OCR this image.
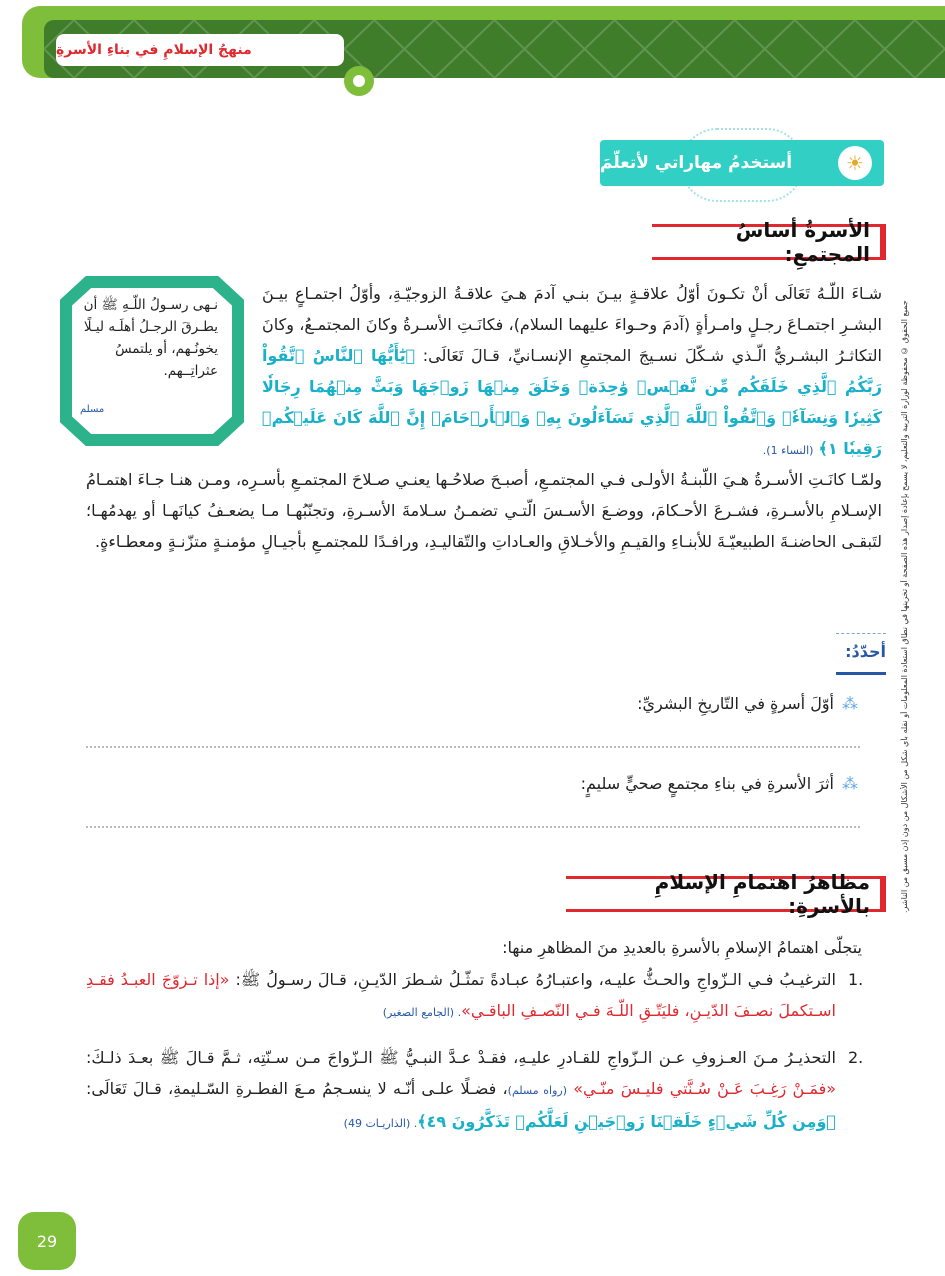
منهجُ الإسلامِ في بناءِ الأسرةِ
أستخدمُ مهاراتي لأتعلّمَ	☀
الأسرةُ أساسُ المجتمعِ:
نـهى رسـولُ اللّـهِ ﷺ أن يطـرقَ الرجـلُ أهلَـه ليـلًا يخونُـهم، أو يلتمسُ عثراتِــهم.
مسلم
شـاءَ اللّـهُ تَعَالَى أنْ تكـونَ أوّلُ علاقـةٍ بيـنَ بنـي آدمَ هـيَ علاقـةُ الزوجيّـةِ، وأوّلُ اجتمـاعٍ بيـنَ البشـرِ اجتمـاعَ رجـلٍ وامـرأةٍ (آدمَ وحـواءَ عليهما السلام)، فكانَـتِ الأسـرةُ وكانَ المجتمـعُ، وكانَ التكاثـرُ البشـريُّ الّـذي شـكّلَ نسـيجَ المجتمعِ الإنسـانيِّ، قـالَ تَعَالَى: ﴿يَٰٓأَيُّهَا ٱلنَّاسُ ٱتَّقُواْ رَبَّكُمُ ٱلَّذِي خَلَقَكُم مِّن نَّفۡسٖ وَٰحِدَةٖ وَخَلَقَ مِنۡهَا زَوۡجَهَا وَبَثَّ مِنۡهُمَا رِجَالٗا كَثِيرٗا وَنِسَآءٗۚ وَٱتَّقُواْ ٱللَّهَ ٱلَّذِي تَسَآءَلُونَ بِهِۦ وَٱلۡأَرۡحَامَۚ إِنَّ ٱللَّهَ كَانَ عَلَيۡكُمۡ رَقِيبٗا ١﴾ (النساء 1).
ولمّـا كانَـتِ الأسـرةُ هـيَ اللّبنـةُ الأولـى فـي المجتمـعِ، أصبـحَ صلاحُـها يعنـي صـلاحَ المجتمـعِ بأسـرِه، ومـن هنـا جـاءَ اهتمـامُ الإسـلامِ بالأسـرةِ، فشـرعَ الأحـكامَ، ووضـعَ الأسـسَ الّتـي تضمـنُ سـلامةَ الأسـرةِ، وتجنّبُهـا مـا يضعـفُ كيانَهـا أو يهدمُهـا؛ لتَبقـى الحاضنـةَ الطبيعيّـةَ للأبنـاءِ والقيـمِ والأخـلاقِ والعـاداتِ والتّقاليـدِ، ورافـدًا للمجتمـعِ بأجيـالٍ مؤمنـةٍ متزّنـةٍ ومعطـاءةٍ.
أحدّدُ:
⁂
أوّلَ أسرةٍ في التّاريخِ البشريِّ:
⁂
أثرَ الأسرةِ في بناءِ مجتمعٍ صحيٍّ سليمٍ:
مظاهرُ اهتمامِ الإسلامِ بالأسرةِ:
يتجلّى اهتمامُ الإسلامِ بالأسرةِ بالعديدِ منَ المظاهرِ منها:
1.
الترغيـبُ فـي الـزّواجِ والحـثُّ عليـه، واعتبـارُهُ عبـادةً تمثّـلُ شـطرَ الدّيـنِ، قـالَ رسـولُ ﷺ: «إذا تـزوّجَ العبـدُ فقـدِ اسـتكملَ نصـفَ الدّيـنِ، فليَتّـقِ اللّـهَ فـي النّصـفِ الباقـي». (الجامع الصغير)
2.
التحذيـرُ مـنَ العـزوفِ عـن الـزّواجِ للقـادرِ عليـهِ، فقـدْ عـدَّ النبـيُّ ﷺ الـزّواجَ مـن سـنّتِه، ثـمَّ قـالَ ﷺ بعـدَ ذلـكَ: «فمَـنْ رَغِـبَ عَـنْ سُـنَّتي فليـسَ منّـي» (رواه مسلم)، فضـلًا علـى أنّـه لا ينسـجمُ مـعَ الفطـرةِ السّـليمةِ، قـالَ تَعَالَى: ﴿وَمِن كُلِّ شَيۡءٍ خَلَقۡنَا زَوۡجَيۡنِ لَعَلَّكُمۡ تَذَكَّرُونَ ٤٩﴾. (الذاريـات 49)
جميع الحقوق © محفوظة لوزارة التربية والتعليم، لا يسمح بإعادة إصدار هذه الصفحة أو تخزينها في نطاق استعادة المعلومات أو نقله بأي شكل من الأشكال من دون إذن مسبق من الناشر.
29
